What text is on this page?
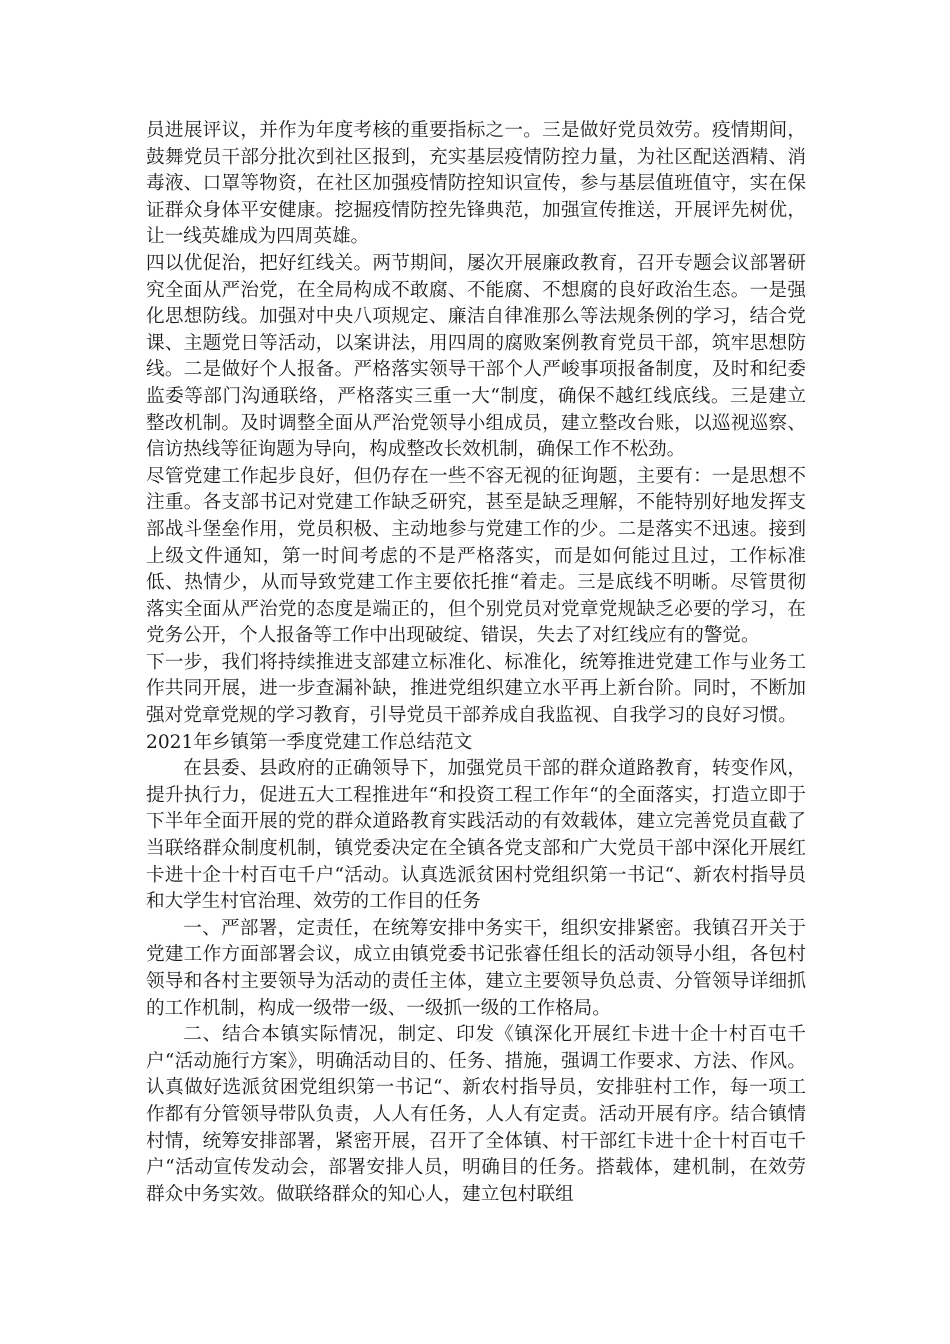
员进展评议，并作为年度考核的重要指标之一。三是做好党员效劳。疫情期间，鼓舞党员干部分批次到社区报到，充实基层疫情防控力量，为社区配送酒精、消毒液、口罩等物资，在社区加强疫情防控知识宣传，参与基层值班值守，实在保证群众身体平安健康。挖掘疫情防控先锋典范，加强宣传推送，开展评先树优，让一线英雄成为四周英雄。

四以优促治，把好红线关。两节期间，屡次开展廉政教育，召开专题会议部署研究全面从严治党，在全局构成不敢腐、不能腐、不想腐的良好政治生态。一是强化思想防线。加强对中央八项规定、廉洁自律准那么等法规条例的学习，结合党课、主题党日等活动，以案讲法，用四周的腐败案例教育党员干部，筑牢思想防线。二是做好个人报备。严格落实领导干部个人严峻事项报备制度，及时和纪委监委等部门沟通联络，严格落实三重一大“制度，确保不越红线底线。三是建立整改机制。及时调整全面从严治党领导小组成员，建立整改台账，以巡视巡察、信访热线等征询题为导向，构成整改长效机制，确保工作不松劲。

尽管党建工作起步良好，但仍存在一些不容无视的征询题，主要有：一是思想不注重。各支部书记对党建工作缺乏研究，甚至是缺乏理解，不能特别好地发挥支部战斗堡垒作用，党员积极、主动地参与党建工作的少。二是落实不迅速。接到上级文件通知，第一时间考虑的不是严格落实，而是如何能过且过，工作标准低、热情少，从而导致党建工作主要依托推“着走。三是底线不明晰。尽管贯彻落实全面从严治党的态度是端正的，但个别党员对党章党规缺乏必要的学习，在党务公开，个人报备等工作中出现破绽、错误，失去了对红线应有的警觉。

下一步，我们将持续推进支部建立标准化、标准化，统筹推进党建工作与业务工作共同开展，进一步查漏补缺，推进党组织建立水平再上新台阶。同时，不断加强对党章党规的学习教育，引导党员干部养成自我监视、自我学习的良好习惯。

2021年乡镇第一季度党建工作总结范文

在县委、县政府的正确领导下，加强党员干部的群众道路教育，转变作风，提升执行力，促进五大工程推进年“和投资工程工作年“的全面落实，打造立即于下半年全面开展的党的群众道路教育实践活动的有效载体，建立完善党员直截了当联络群众制度机制，镇党委决定在全镇各党支部和广大党员干部中深化开展红卡进十企十村百屯千户“活动。认真选派贫困村党组织第一书记“、新农村指导员和大学生村官治理、效劳的工作目的任务

一、严部署，定责任，在统筹安排中务实干，组织安排紧密。我镇召开关于党建工作方面部署会议，成立由镇党委书记张睿任组长的活动领导小组，各包村领导和各村主要领导为活动的责任主体，建立主要领导负总责、分管领导详细抓的工作机制，构成一级带一级、一级抓一级的工作格局。

二、结合本镇实际情况，制定、印发《镇深化开展红卡进十企十村百屯千户“活动施行方案》，明确活动目的、任务、措施，强调工作要求、方法、作风。认真做好选派贫困党组织第一书记“、新农村指导员，安排驻村工作，每一项工作都有分管领导带队负责，人人有任务，人人有定责。活动开展有序。结合镇情村情，统筹安排部署，紧密开展，召开了全体镇、村干部红卡进十企十村百屯千户“活动宣传发动会，部署安排人员，明确目的任务。搭载体，建机制，在效劳群众中务实效。做联络群众的知心人，建立包村联组
